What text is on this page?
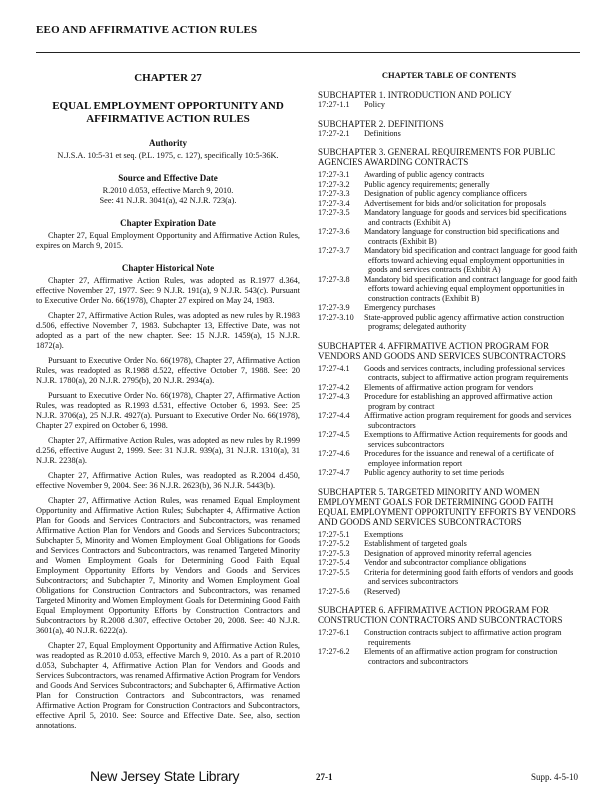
EEO AND AFFIRMATIVE ACTION RULES
CHAPTER 27
EQUAL EMPLOYMENT OPPORTUNITY AND AFFIRMATIVE ACTION RULES
Authority
N.J.S.A. 10:5-31 et seq. (P.L. 1975, c. 127), specifically 10:5-36K.
Source and Effective Date
R.2010 d.053, effective March 9, 2010.
See: 41 N.J.R. 3041(a), 42 N.J.R. 723(a).
Chapter Expiration Date
Chapter 27, Equal Employment Opportunity and Affirmative Action Rules, expires on March 9, 2015.
Chapter Historical Note
Chapter 27, Affirmative Action Rules, was adopted as R.1977 d.364, effective November 27, 1977. See: 9 N.J.R. 191(a), 9 N.J.R. 543(c). Pursuant to Executive Order No. 66(1978), Chapter 27 expired on May 24, 1983.
Chapter 27, Affirmative Action Rules, was adopted as new rules by R.1983 d.506, effective November 7, 1983. Subchapter 13, Effective Date, was not adopted as a part of the new chapter. See: 15 N.J.R. 1459(a), 15 N.J.R. 1872(a).
Pursuant to Executive Order No. 66(1978), Chapter 27, Affirmative Action Rules, was readopted as R.1988 d.522, effective October 7, 1988. See: 20 N.J.R. 1780(a), 20 N.J.R. 2795(b), 20 N.J.R. 2934(a).
Pursuant to Executive Order No. 66(1978), Chapter 27, Affirmative Action Rules, was readopted as R.1993 d.531, effective October 6, 1993. See: 25 N.J.R. 3706(a), 25 N.J.R. 4927(a). Pursuant to Executive Order No. 66(1978), Chapter 27 expired on October 6, 1998.
Chapter 27, Affirmative Action Rules, was adopted as new rules by R.1999 d.256, effective August 2, 1999. See: 31 N.J.R. 939(a), 31 N.J.R. 1310(a), 31 N.J.R. 2238(a).
Chapter 27, Affirmative Action Rules, was readopted as R.2004 d.450, effective November 9, 2004. See: 36 N.J.R. 2623(b), 36 N.J.R. 5443(b).
Chapter 27, Affirmative Action Rules, was renamed Equal Employment Opportunity and Affirmative Action Rules; Subchapter 4, Affirmative Action Plan for Goods and Services Contractors and Subcontractors, was renamed Affirmative Action Plan for Vendors and Goods and Services Subcontractors; Subchapter 5, Minority and Women Employment Goal Obligations for Goods and Services Contractors and Subcontractors, was renamed Targeted Minority and Women Employment Goals for Determining Good Faith Equal Employment Opportunity Efforts by Vendors and Goods and Services Subcontractors; and Subchapter 7, Minority and Women Employment Goal Obligations for Construction Contractors and Subcontractors, was renamed Targeted Minority and Women Employment Goals for Determining Good Faith Equal Employment Opportunity Efforts by Construction Contractors and Subcontractors by R.2008 d.307, effective October 20, 2008. See: 40 N.J.R. 3601(a), 40 N.J.R. 6222(a).
Chapter 27, Equal Employment Opportunity and Affirmative Action Rules, was readopted as R.2010 d.053, effective March 9, 2010. As a part of R.2010 d.053, Subchapter 4, Affirmative Action Plan for Vendors and Goods and Services Subcontractors, was renamed Affirmative Action Program for Vendors and Goods And Services Subcontractors; and Subchapter 6, Affirmative Action Plan for Construction Contractors and Subcontractors, was renamed Affirmative Action Program for Construction Contractors and Subcontractors, effective April 5, 2010. See: Source and Effective Date. See, also, section annotations.
CHAPTER TABLE OF CONTENTS
SUBCHAPTER 1. INTRODUCTION AND POLICY
17:27-1.1	Policy
SUBCHAPTER 2. DEFINITIONS
17:27-2.1	Definitions
SUBCHAPTER 3. GENERAL REQUIREMENTS FOR PUBLIC AGENCIES AWARDING CONTRACTS
17:27-3.1	Awarding of public agency contracts
17:27-3.2	Public agency requirements; generally
17:27-3.3	Designation of public agency compliance officers
17:27-3.4	Advertisement for bids and/or solicitation for proposals
17:27-3.5	Mandatory language for goods and services bid specifications and contracts (Exhibit A)
17:27-3.6	Mandatory language for construction bid specifications and contracts (Exhibit B)
17:27-3.7	Mandatory bid specification and contract language for good faith efforts toward achieving equal employment opportunities in goods and services contracts (Exhibit A)
17:27-3.8	Mandatory bid specification and contract language for good faith efforts toward achieving equal employment opportunities in construction contracts (Exhibit B)
17:27-3.9	Emergency purchases
17:27-3.10	State-approved public agency affirmative action construction programs; delegated authority
SUBCHAPTER 4. AFFIRMATIVE ACTION PROGRAM FOR VENDORS AND GOODS AND SERVICES SUBCONTRACTORS
17:27-4.1	Goods and services contracts, including professional services contracts, subject to affirmative action program requirements
17:27-4.2	Elements of affirmative action program for vendors
17:27-4.3	Procedure for establishing an approved affirmative action program by contract
17:27-4.4	Affirmative action program requirement for goods and services subcontractors
17:27-4.5	Exemptions to Affirmative Action requirements for goods and services subcontractors
17:27-4.6	Procedures for the issuance and renewal of a certificate of employee information report
17:27-4.7	Public agency authority to set time periods
SUBCHAPTER 5. TARGETED MINORITY AND WOMEN EMPLOYMENT GOALS FOR DETERMINING GOOD FAITH EQUAL EMPLOYMENT OPPORTUNITY EFFORTS BY VENDORS AND GOODS AND SERVICES SUBCONTRACTORS
17:27-5.1	Exemptions
17:27-5.2	Establishment of targeted goals
17:27-5.3	Designation of approved minority referral agencies
17:27-5.4	Vendor and subcontractor compliance obligations
17:27-5.5	Criteria for determining good faith efforts of vendors and goods and services subcontractors
17:27-5.6	(Reserved)
SUBCHAPTER 6. AFFIRMATIVE ACTION PROGRAM FOR CONSTRUCTION CONTRACTORS AND SUBCONTRACTORS
17:27-6.1	Construction contracts subject to affirmative action program requirements
17:27-6.2	Elements of an affirmative action program for construction contractors and subcontractors
New Jersey State Library	27-1	Supp. 4-5-10
